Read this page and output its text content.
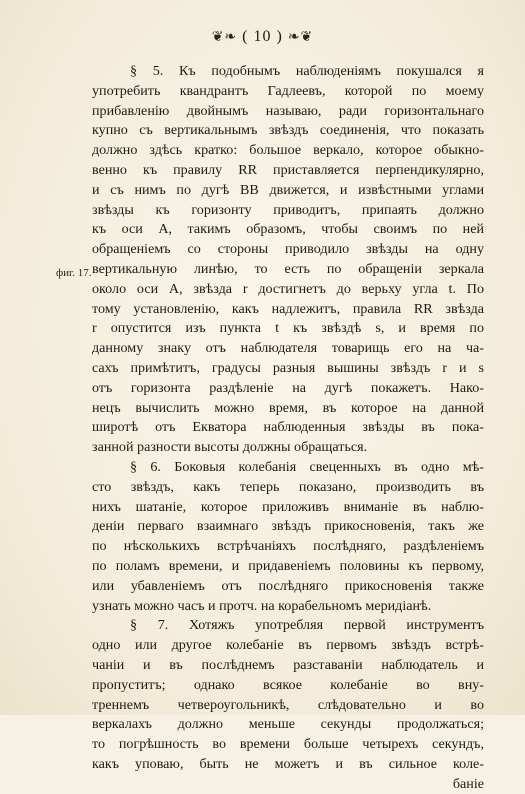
❦❧ ( 10 ) ❧❦
фиг. 17.
§ 5. Къ подобнымъ наблюденіямъ покушался я
употребить квандрантъ Гадлеевъ, которой по моему
прибавленію двойнымъ называю, ради горизонтальнаго
купно съ вертикальнымъ звѣздъ соединенія, что показать
должно здѣсь кратко: большое веркало, которое обыкно-
венно къ правилу RR приставляется перпендикулярно,
и съ нимъ по дугѣ ВВ движется, и извѣстными углами
звѣзды къ горизонту приводитъ, припаять должно
къ оси А, такимъ образомъ, чтобы своимъ по ней
обращеніемъ со стороны приводило звѣзды на одну
вертикальную линѣю, то есть по обращеніи зеркала
около оси А, звѣзда r достигнетъ до верьху угла t. По
тому установленію, какъ надлежитъ, правила RR звѣзда
r опустится изъ пункта t къ звѣздѣ s, и время по
данному знаку отъ наблюдателя товарищь его на ча-
сахъ примѣтитъ, градусы разныя вышины звѣздъ r и s
отъ горизонта раздѣленіе на дугѣ покажетъ. Нако-
нецъ вычислить можно время, въ которое на данной
широтѣ отъ Екватора наблюденныя звѣзды въ пока-
занной разности высоты должны обращаться.
§ 6. Боковыя колебанія свеценныхъ въ одно мѣ-
сто звѣздъ, какъ теперь показано, производить въ
нихъ шатаніе, которое приложивъ вниманіе въ наблю-
деніи перваго взаимнаго звѣздъ прикосновенія, такъ же
по нѣсколькихъ встрѣчаніяхъ послѣдняго, раздѣленіемъ
по поламъ времени, и придавеніемъ половины къ первому,
или убавленіемъ отъ послѣдняго прикосновенія также
узнать можно часъ и протч. на корабельномъ меридіанѣ.
§ 7. Хотяжъ употребляя первой инструментъ
одно или другое колебаніе въ первомъ звѣздъ встрѣ-
чаніи и въ послѣднемъ разставаніи наблюдатель и
пропуститъ; однако всякое колебаніе во вну-
треннемъ четвероугольникѣ, слѣдовательно и во
веркалахъ должно меньше секунды продолжаться;
то погрѣшность во времени больше четырехъ секундъ,
какъ уповаю, быть не можетъ и въ сильное коле-
баніе
